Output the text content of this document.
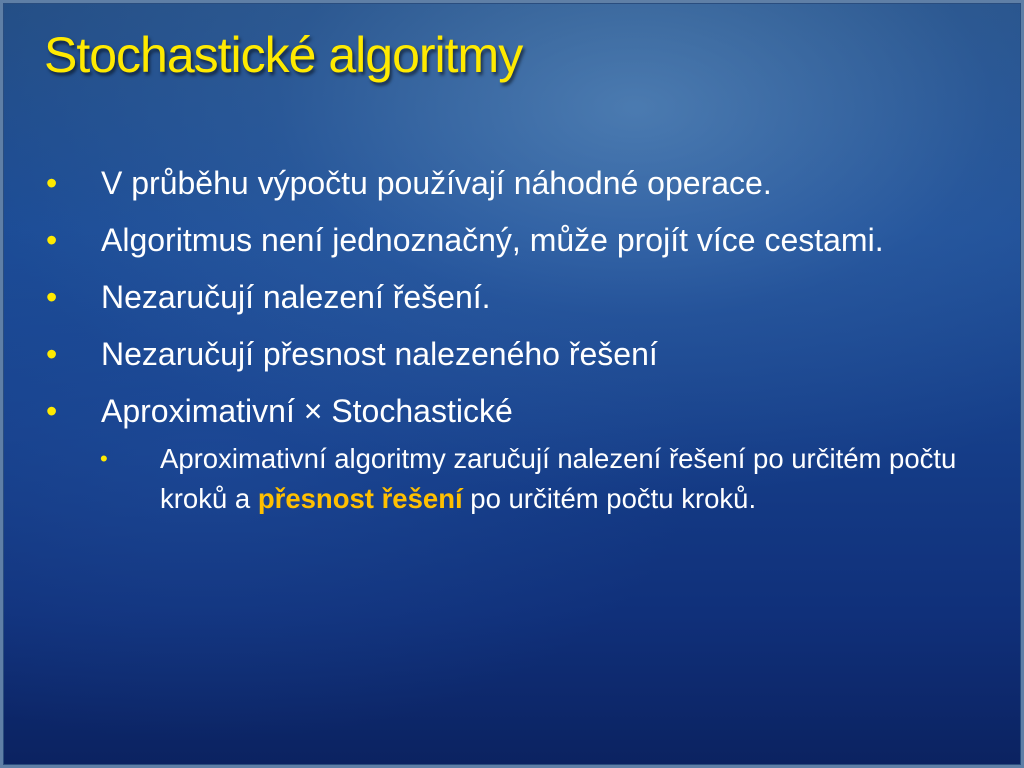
Stochastické algoritmy
• V průběhu výpočtu používají náhodné operace.
• Algoritmus není jednoznačný, může projít více cestami.
• Nezaručují nalezení řešení.
• Nezaručují přesnost nalezeného řešení
• Aproximativní × Stochastické
• Aproximativní algoritmy zaručují nalezení řešení po určitém počtu kroků a přesnost řešení po určitém počtu kroků.
